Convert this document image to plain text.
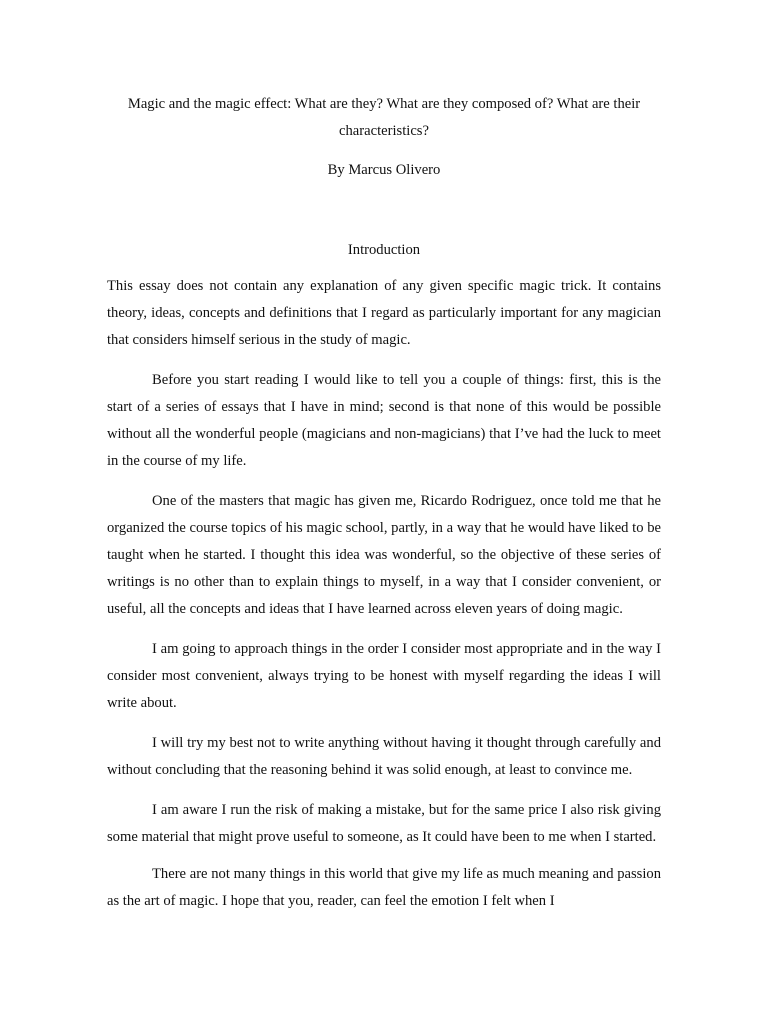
Magic and the magic effect: What are they? What are they composed of? What are their characteristics?

By Marcus Olivero

Introduction

This essay does not contain any explanation of any given specific magic trick. It contains theory, ideas, concepts and definitions that I regard as particularly important for any magician that considers himself serious in the study of magic.

Before you start reading I would like to tell you a couple of things: first, this is the start of a series of essays that I have in mind; second is that none of this would be possible without all the wonderful people (magicians and non-magicians) that I’ve had the luck to meet in the course of my life.

One of the masters that magic has given me, Ricardo Rodriguez, once told me that he organized the course topics of his magic school, partly, in a way that he would have liked to be taught when he started. I thought this idea was wonderful, so the objective of these series of writings is no other than to explain things to myself, in a way that I consider convenient, or useful, all the concepts and ideas that I have learned across eleven years of doing magic.

I am going to approach things in the order I consider most appropriate and in the way I consider most convenient, always trying to be honest with myself regarding the ideas I will write about.

I will try my best not to write anything without having it thought through carefully and without concluding that the reasoning behind it was solid enough, at least to convince me.

I am aware I run the risk of making a mistake, but for the same price I also risk giving some material that might prove useful to someone, as It could have been to me when I started.

There are not many things in this world that give my life as much meaning and passion as the art of magic. I hope that you, reader, can feel the emotion I felt when I
